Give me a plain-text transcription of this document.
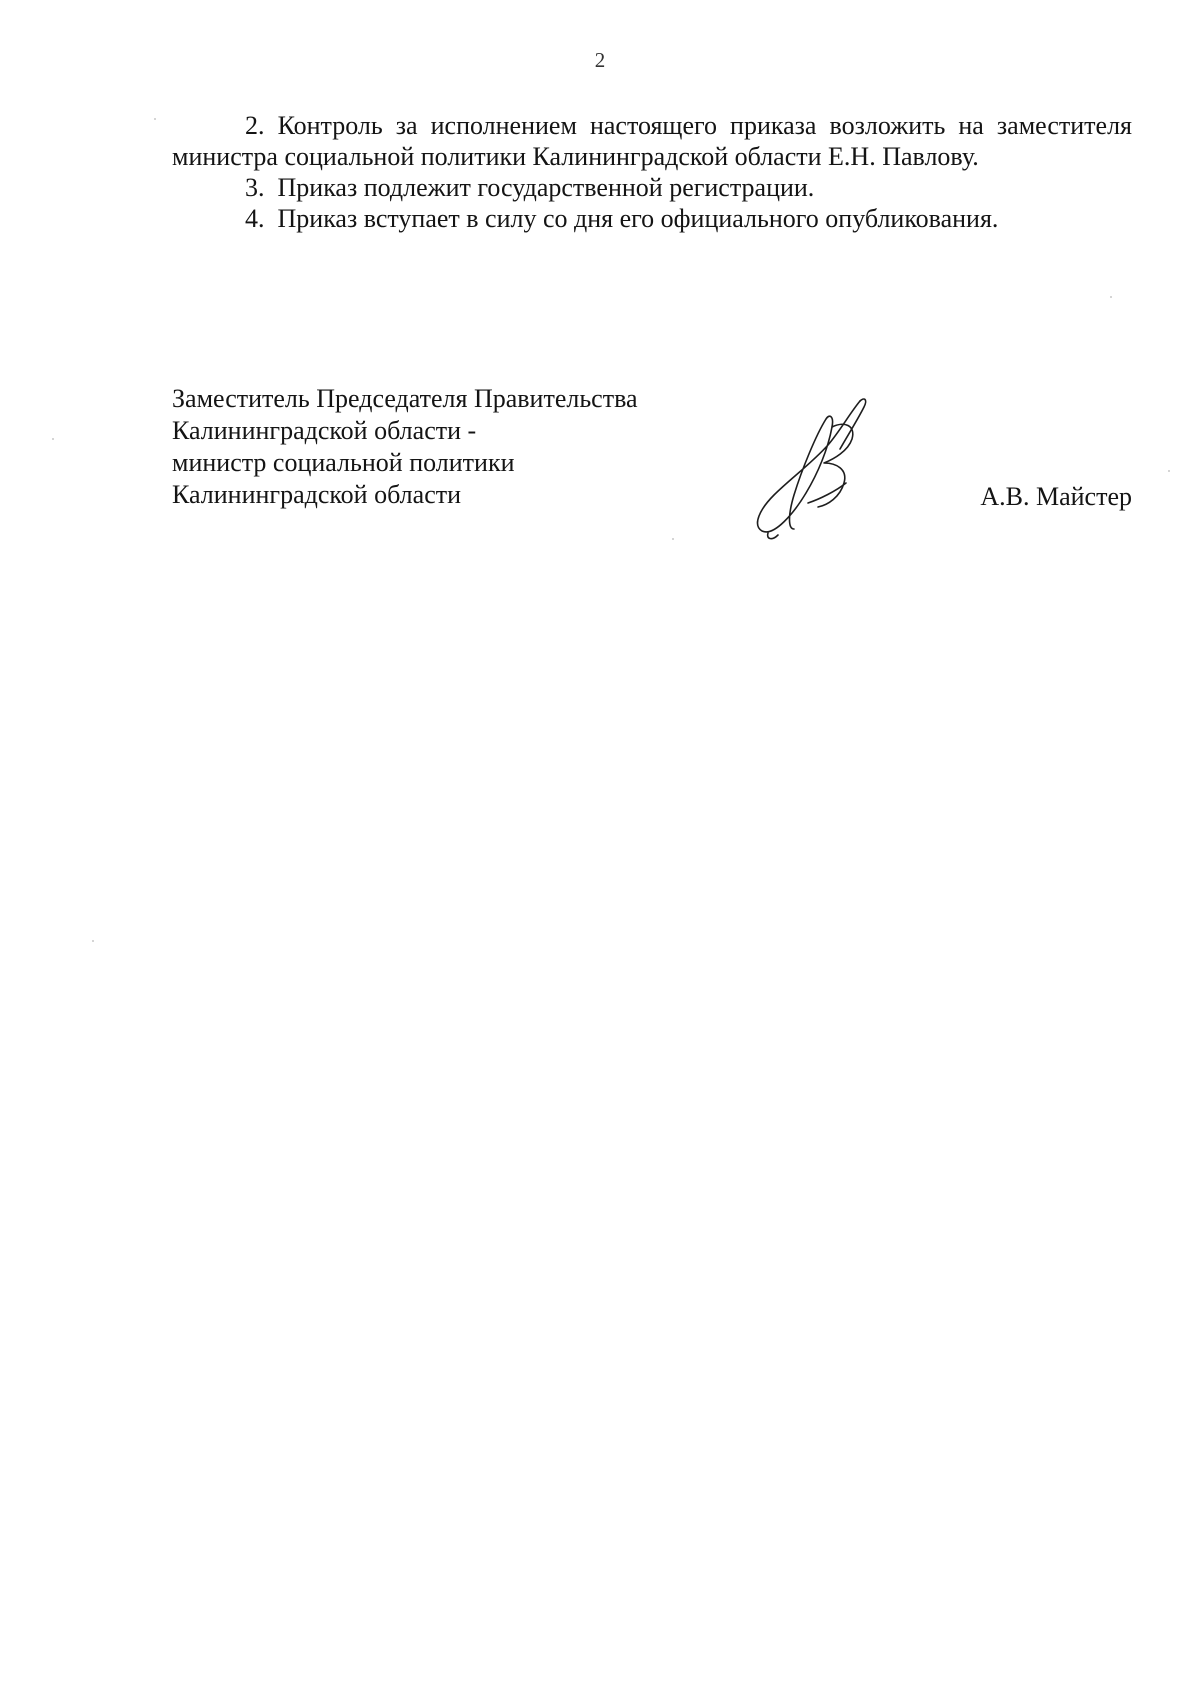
2

2. Контроль за исполнением настоящего приказа возложить на заместителя министра социальной политики Калининградской области Е.Н. Павлову.

3. Приказ подлежит государственной регистрации.

4. Приказ вступает в силу со дня его официального опубликования.

Заместитель Председателя Правительства
Калининградской области -
министр социальной политики
Калининградской области	А.В. Майстер
